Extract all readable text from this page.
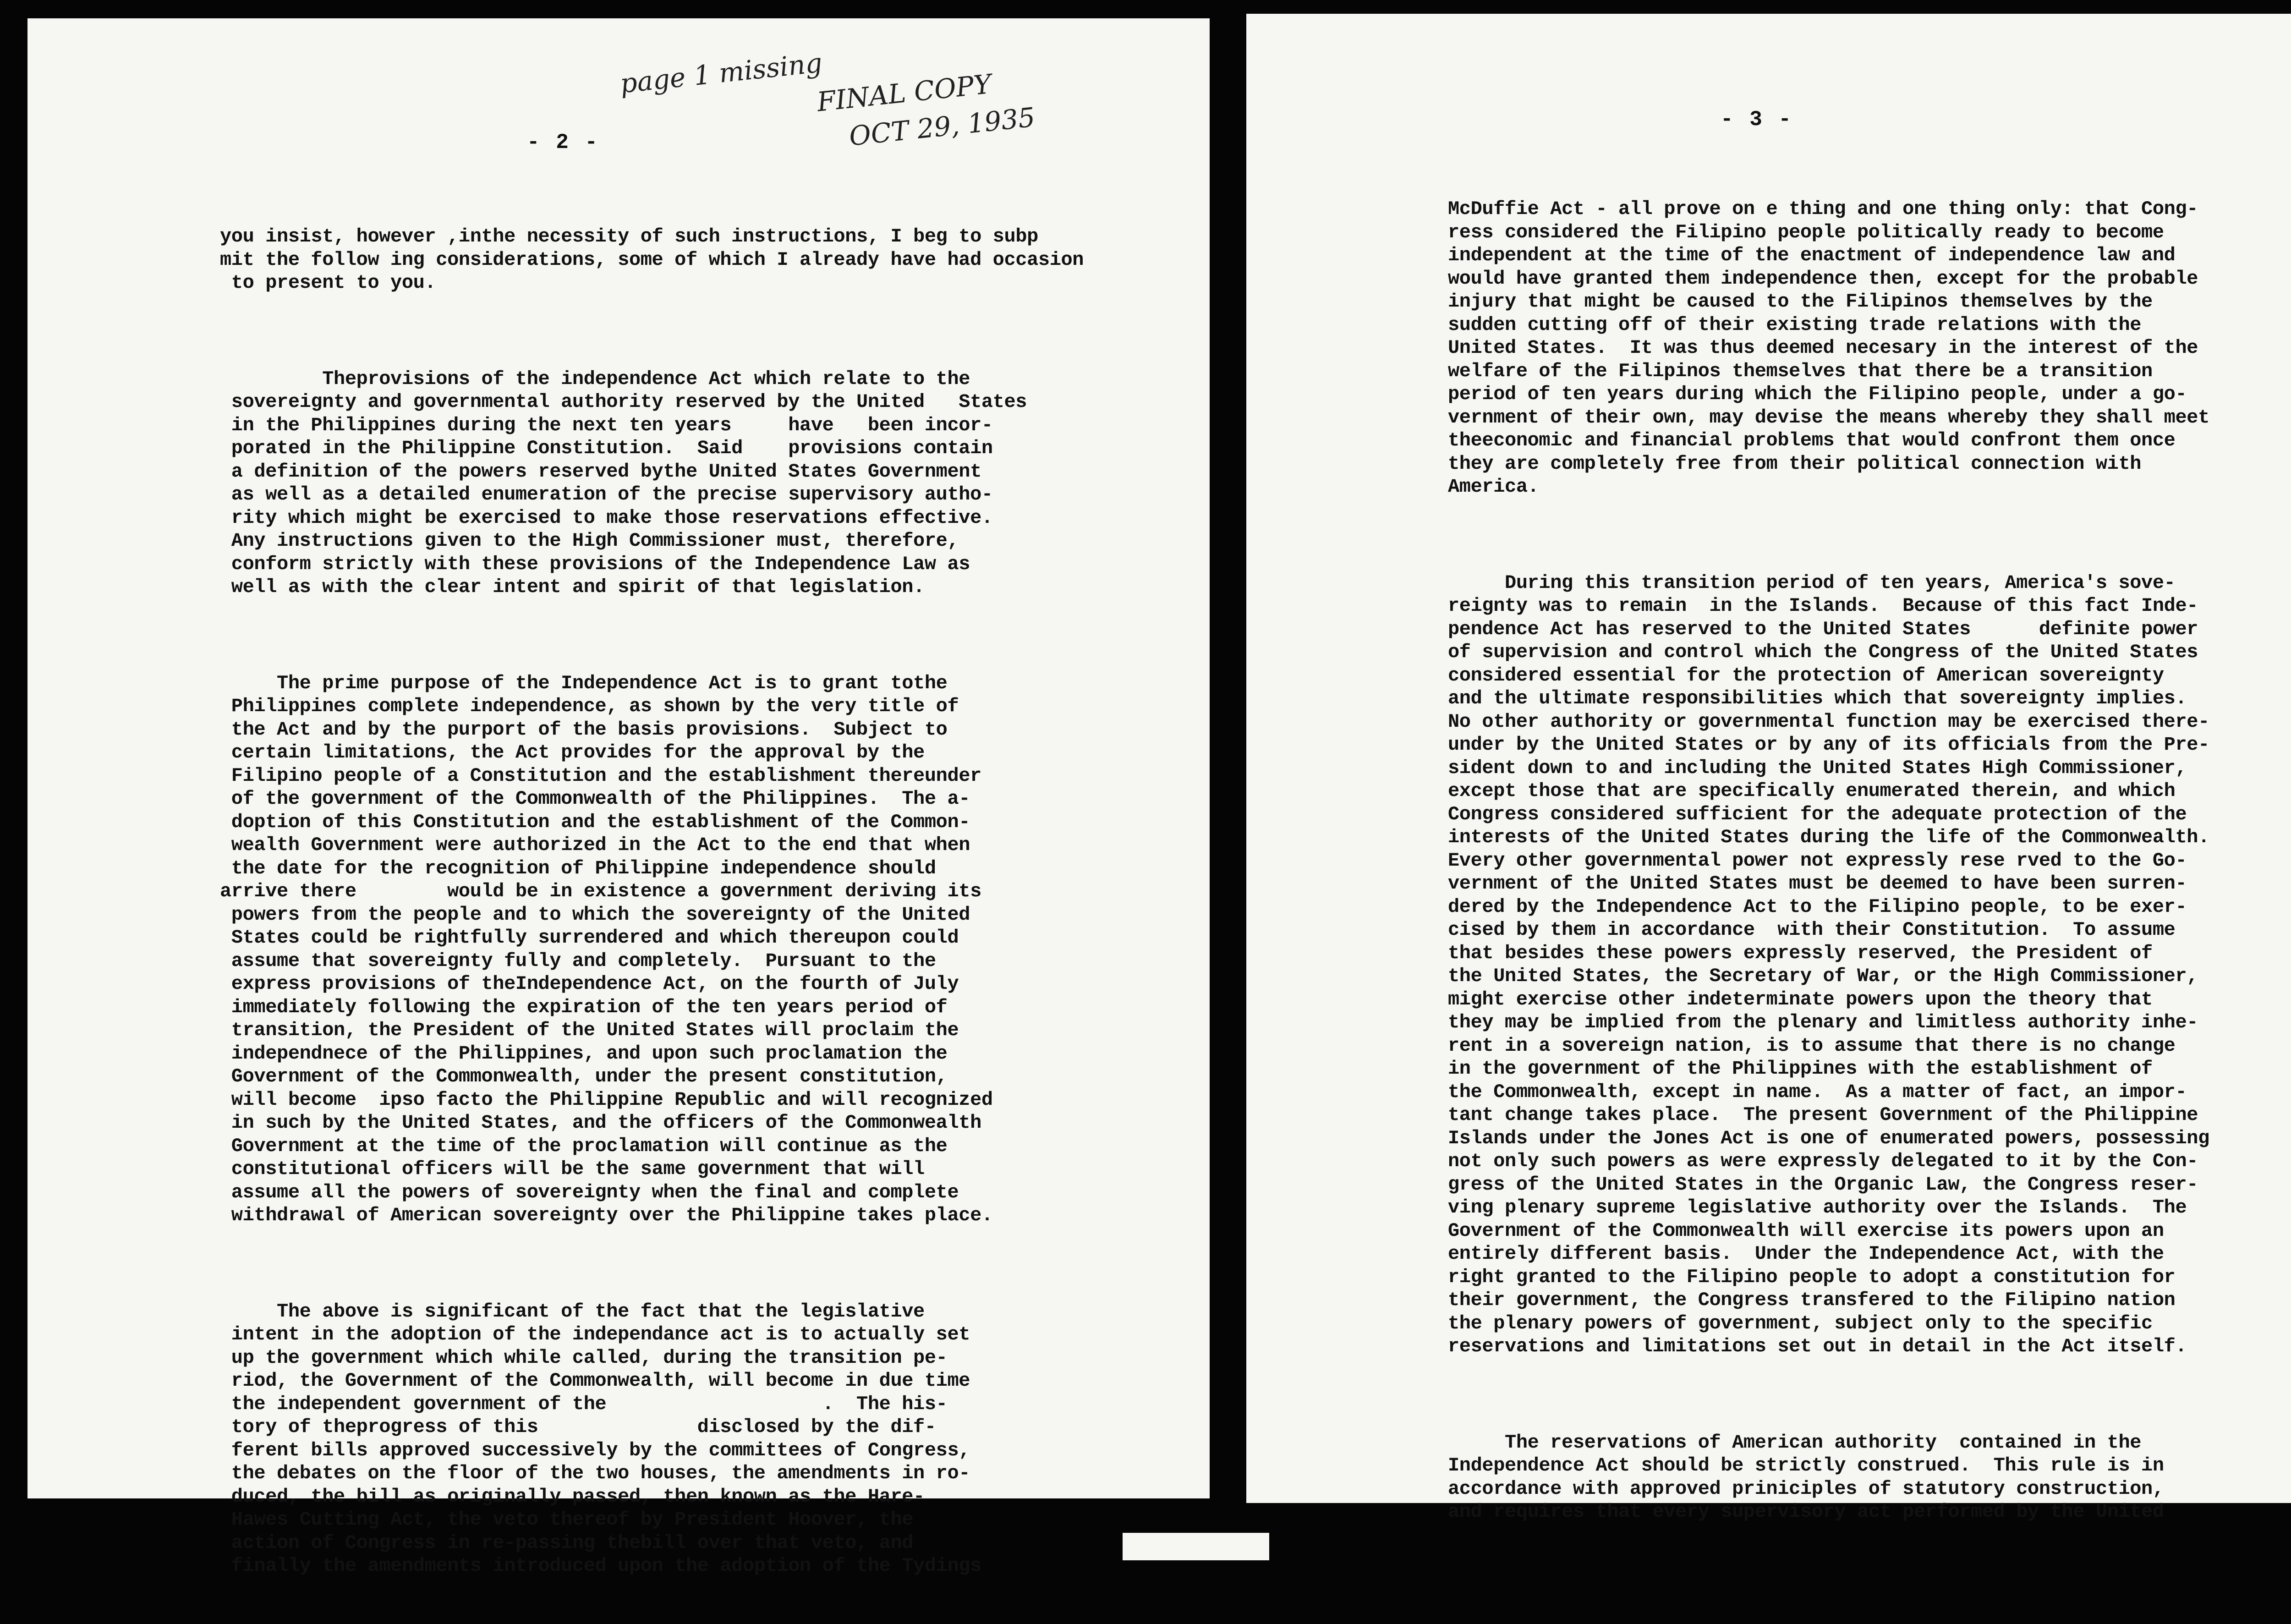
page 1 missing
FINAL COPY
OCT 29, 1935
- 2 -

you insist, however ,inthe necessity of such instructions, I beg to subp
mit the follow ing considerations, some of which I already have had occasion
to present to you.

Theprovisions of the independence Act which relate to the
sovereignty and governmental authority reserved by the United   States
in the Philippines during the next ten years     have   been incor-
porated in the Philippine Constitution.  Said    provisions contain
a definition of the powers reserved bythe United States Government
as well as a detailed enumeration of the precise supervisory autho-
rity which might be exercised to make those reservations effective.
Any instructions given to the High Commissioner must, therefore,
conform strictly with these provisions of the Independence Law as
well as with the clear intent and spirit of that legislation.

The prime purpose of the Independence Act is to grant tothe
Philippines complete independence, as shown by the very title of
the Act and by the purport of the basis provisions.  Subject to
certain limitations, the Act provides for the approval by the
Filipino people of a Constitution and the establishment thereunder
of the government of the Commonwealth of the Philippines.  The a-
doption of this Constitution and the establishment of the Common-
wealth Government were authorized in the Act to the end that when
the date for the recognition of Philippine independence should
arrive there        would be in existence a government deriving its
powers from the people and to which the sovereignty of the United
States could be rightfully surrendered and which thereupon could
assume that sovereignty fully and completely.  Pursuant to the
express provisions of theIndependence Act, on the fourth of July
immediately following the expiration of the ten years period of
transition, the President of the United States will proclaim the
independnece of the Philippines, and upon such proclamation the
Government of the Commonwealth, under the present constitution,
will become  ipso facto the Philippine Republic and will recognized
in such by the United States, and the officers of the Commonwealth
Government at the time of the proclamation will continue as the
constitutional officers will be the same government that will
assume all the powers of sovereignty when the final and complete
withdrawal of American sovereignty over the Philippine takes place.

The above is significant of the fact that the legislative
intent in the adoption of the independance act is to actually set
up the government which while called, during the transition pe-
riod, the Government of the Commonwealth, will become in due time
the independent government of the                   .  The his-
tory of theprogress of this              disclosed by the dif-
ferent bills approved successively by the committees of Congress,
the debates on the floor of the two houses, the amendments in ro-
duced, the bill as originally passed, then known as the Hare-
Hawes Cutting Act, the veto thereof by President Hoover, the
action of Congress in re-passing thebill over that veto, and
finally the amendments introduced upon the adoption of the Tydings

- 3 -

McDuffie Act - all prove on e thing and one thing only: that Cong-
ress considered the Filipino people politically ready to become
independent at the time of the enactment of independence law and
would have granted them independence then, except for the probable
injury that might be caused to the Filipinos themselves by the
sudden cutting off of their existing trade relations with the
United States.  It was thus deemed necesary in the interest of the
welfare of the Filipinos themselves that there be a transition
period of ten years during which the Filipino people, under a go-
vernment of their own, may devise the means whereby they shall meet
theeconomic and financial problems that would confront them once
they are completely free from their political connection with
America.

During this transition period of ten years, America's sove-
reignty was to remain  in the Islands.  Because of this fact Inde-
pendence Act has reserved to the United States      definite power
of supervision and control which the Congress of the United States
considered essential for the protection of American sovereignty
and the ultimate responsibilities which that sovereignty implies.
No other authority or governmental function may be exercised there-
under by the United States or by any of its officials from the Pre-
sident down to and including the United States High Commissioner,
except those that are specifically enumerated therein, and which
Congress considered sufficient for the adequate protection of the
interests of the United States during the life of the Commonwealth.
Every other governmental power not expressly rese rved to the Go-
vernment of the United States must be deemed to have been surren-
dered by the Independence Act to the Filipino people, to be exer-
cised by them in accordance  with their Constitution.  To assume
that besides these powers expressly reserved, the President of
the United States, the Secretary of War, or the High Commissioner,
might exercise other indeterminate powers upon the theory that
they may be implied from the plenary and limitless authority inhe-
rent in a sovereign nation, is to assume that there is no change
in the government of the Philippines with the establishment of
the Commonwealth, except in name.  As a matter of fact, an impor-
tant change takes place.  The present Government of the Philippine
Islands under the Jones Act is one of enumerated powers, possessing
not only such powers as were expressly delegated to it by the Con-
gress of the United States in the Organic Law, the Congress reser-
ving plenary supreme legislative authority over the Islands.  The
Government of the Commonwealth will exercise its powers upon an
entirely different basis.  Under the Independence Act, with the
right granted to the Filipino people to adopt a constitution for
their government, the Congress transfered to the Filipino nation
the plenary powers of government, subject only to the specific
reservations and limitations set out in detail in the Act itself.

The reservations of American authority  contained in the
Independence Act should be strictly construed.  This rule is in
accordance with approved priniciples of statutory construction,
and requires that every supervisory act performed by the United
